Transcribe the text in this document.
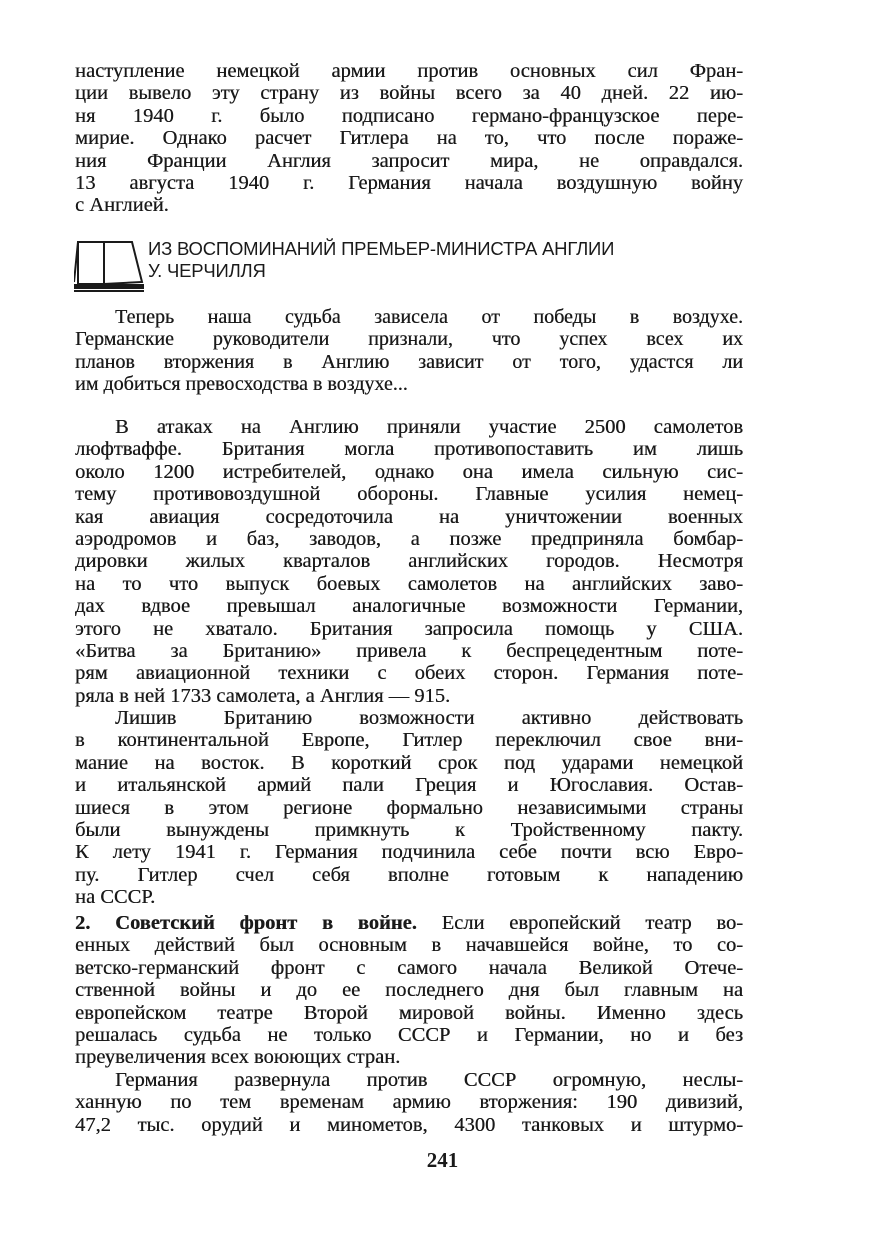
наступление немецкой армии против основных сил Фран-
ции вывело эту страну из войны всего за 40 дней. 22 ию-
ня 1940 г. было подписано германо-французское пере-
мирие. Однако расчет Гитлера на то, что после пораже-
ния Франции Англия запросит мира, не оправдался.
13 августа 1940 г. Германия начала воздушную войну
с Англией.
ИЗ ВОСПОМИНАНИЙ ПРЕМЬЕР-МИНИСТРА АНГЛИИ
У. ЧЕРЧИЛЛЯ
Теперь наша судьба зависела от победы в воздухе.
Германские руководители признали, что успех всех их
планов вторжения в Англию зависит от того, удастся ли
им добиться превосходства в воздухе...
В атаках на Англию приняли участие 2500 самолетов
люфтваффе. Британия могла противопоставить им лишь
около 1200 истребителей, однако она имела сильную сис-
тему противовоздушной обороны. Главные усилия немец-
кая авиация сосредоточила на уничтожении военных
аэродромов и баз, заводов, а позже предприняла бомбар-
дировки жилых кварталов английских городов. Несмотря
на то что выпуск боевых самолетов на английских заво-
дах вдвое превышал аналогичные возможности Германии,
этого не хватало. Британия запросила помощь у США.
«Битва за Британию» привела к беспрецедентным поте-
рям авиационной техники с обеих сторон. Германия поте-
ряла в ней 1733 самолета, а Англия — 915.
Лишив Британию возможности активно действовать
в континентальной Европе, Гитлер переключил свое вни-
мание на восток. В короткий срок под ударами немецкой
и итальянской армий пали Греция и Югославия. Остав-
шиеся в этом регионе формально независимыми страны
были вынуждены примкнуть к Тройственному пакту.
К лету 1941 г. Германия подчинила себе почти всю Евро-
пу. Гитлер счел себя вполне готовым к нападению
на СССР.
2. Советский фронт в войне. Если европейский театр во-
енных действий был основным в начавшейся войне, то со-
ветско-германский фронт с самого начала Великой Отече-
ственной войны и до ее последнего дня был главным на
европейском театре Второй мировой войны. Именно здесь
решалась судьба не только СССР и Германии, но и без
преувеличения всех воюющих стран.
Германия развернула против СССР огромную, неслы-
ханную по тем временам армию вторжения: 190 дивизий,
47,2 тыс. орудий и минометов, 4300 танковых и штурмо-
241
